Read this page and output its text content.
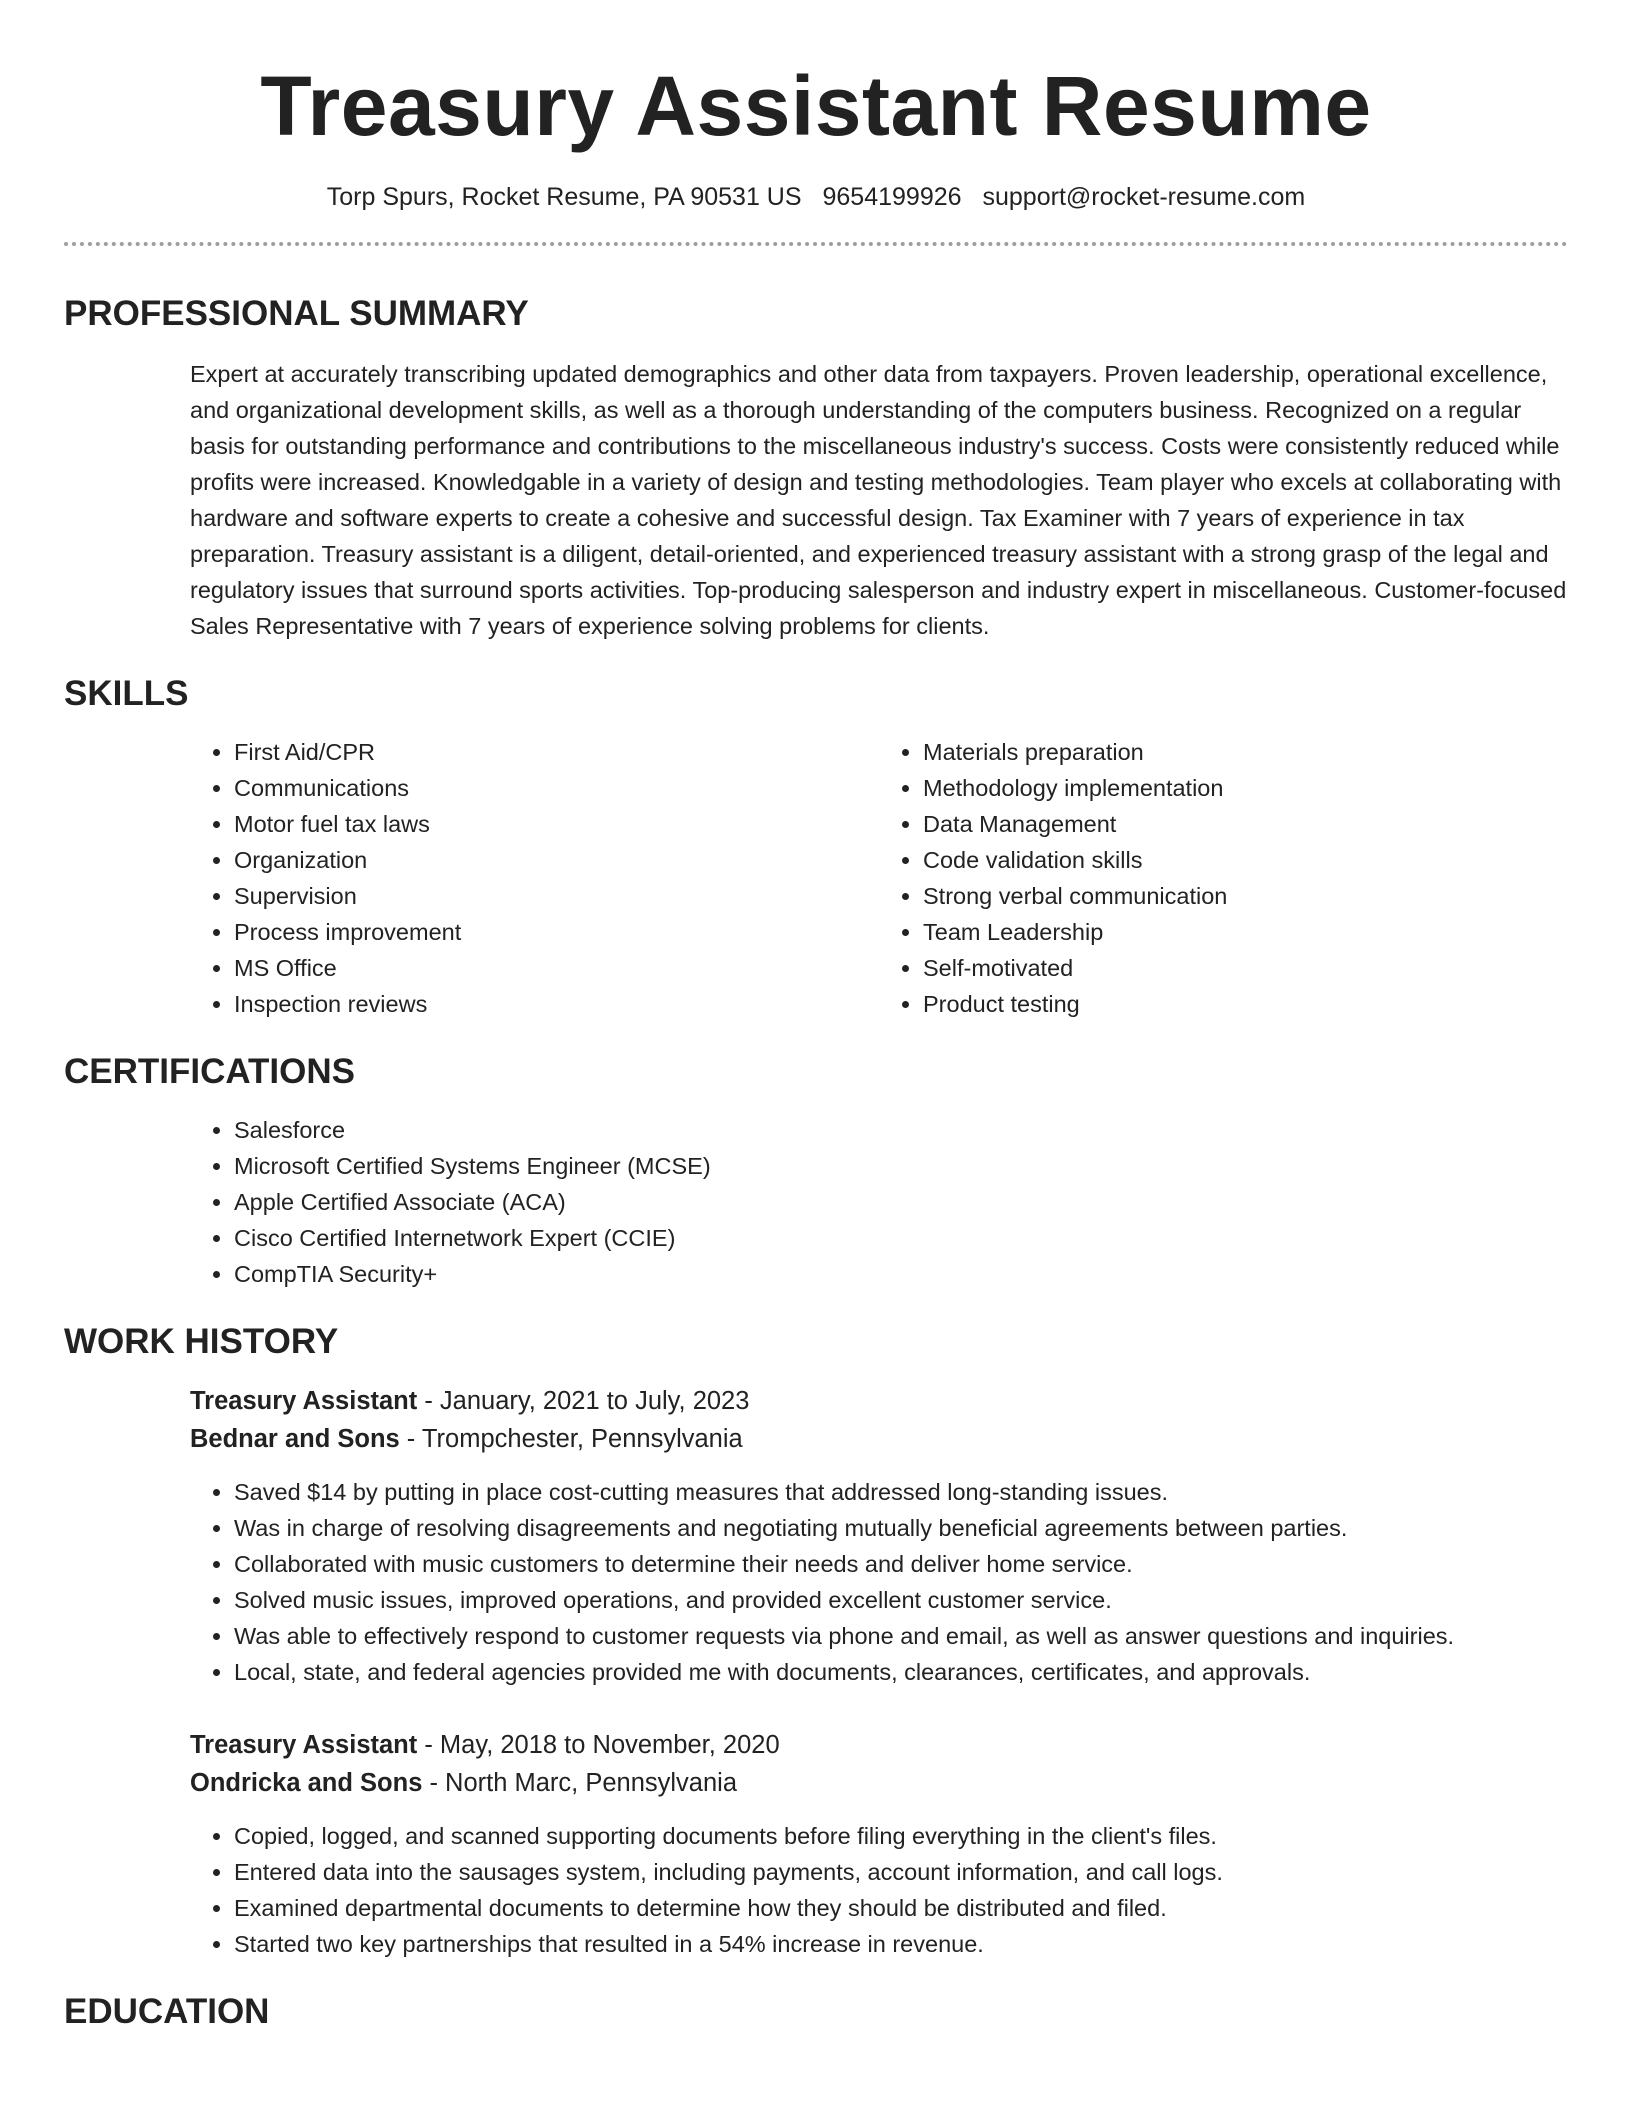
Treasury Assistant Resume
Torp Spurs, Rocket Resume, PA 90531 US 9654199926 support@rocket-resume.com
PROFESSIONAL SUMMARY
Expert at accurately transcribing updated demographics and other data from taxpayers. Proven leadership, operational excellence, and organizational development skills, as well as a thorough understanding of the computers business. Recognized on a regular basis for outstanding performance and contributions to the miscellaneous industry's success. Costs were consistently reduced while profits were increased. Knowledgable in a variety of design and testing methodologies. Team player who excels at collaborating with hardware and software experts to create a cohesive and successful design. Tax Examiner with 7 years of experience in tax preparation. Treasury assistant is a diligent, detail-oriented, and experienced treasury assistant with a strong grasp of the legal and regulatory issues that surround sports activities. Top-producing salesperson and industry expert in miscellaneous. Customer-focused Sales Representative with 7 years of experience solving problems for clients.
SKILLS
• First Aid/CPR
• Communications
• Motor fuel tax laws
• Organization
• Supervision
• Process improvement
• MS Office
• Inspection reviews
• Materials preparation
• Methodology implementation
• Data Management
• Code validation skills
• Strong verbal communication
• Team Leadership
• Self-motivated
• Product testing
CERTIFICATIONS
• Salesforce
• Microsoft Certified Systems Engineer (MCSE)
• Apple Certified Associate (ACA)
• Cisco Certified Internetwork Expert (CCIE)
• CompTIA Security+
WORK HISTORY
Treasury Assistant - January, 2021 to July, 2023
Bednar and Sons - Trompchester, Pennsylvania
• Saved $14 by putting in place cost-cutting measures that addressed long-standing issues.
• Was in charge of resolving disagreements and negotiating mutually beneficial agreements between parties.
• Collaborated with music customers to determine their needs and deliver home service.
• Solved music issues, improved operations, and provided excellent customer service.
• Was able to effectively respond to customer requests via phone and email, as well as answer questions and inquiries.
• Local, state, and federal agencies provided me with documents, clearances, certificates, and approvals.
Treasury Assistant - May, 2018 to November, 2020
Ondricka and Sons - North Marc, Pennsylvania
• Copied, logged, and scanned supporting documents before filing everything in the client's files.
• Entered data into the sausages system, including payments, account information, and call logs.
• Examined departmental documents to determine how they should be distributed and filed.
• Started two key partnerships that resulted in a 54% increase in revenue.
EDUCATION
